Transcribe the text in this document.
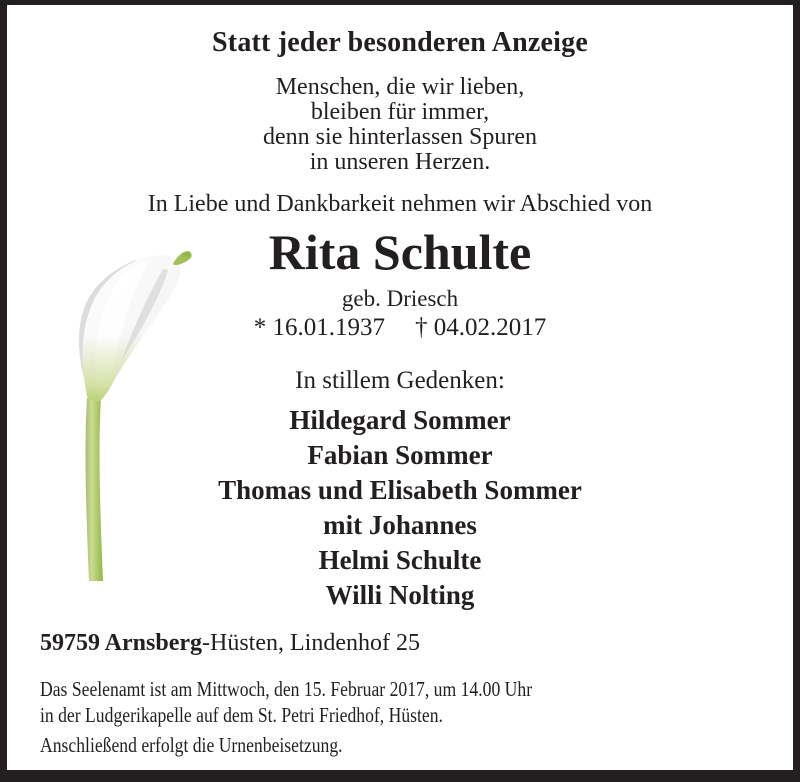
Statt jeder besonderen Anzeige
Menschen, die wir lieben,
bleiben für immer,
denn sie hinterlassen Spuren
in unseren Herzen.
In Liebe und Dankbarkeit nehmen wir Abschied von
Rita Schulte
geb. Driesch
* 16.01.1937 † 04.02.2017
In stillem Gedenken:
Hildegard Sommer
Fabian Sommer
Thomas und Elisabeth Sommer
mit Johannes
Helmi Schulte
Willi Nolting
59759 Arnsberg-Hüsten, Lindenhof 25
Das Seelenamt ist am Mittwoch, den 15. Februar 2017, um 14.00 Uhr
in der Ludgerikapelle auf dem St. Petri Friedhof, Hüsten.
Anschließend erfolgt die Urnenbeisetzung.
